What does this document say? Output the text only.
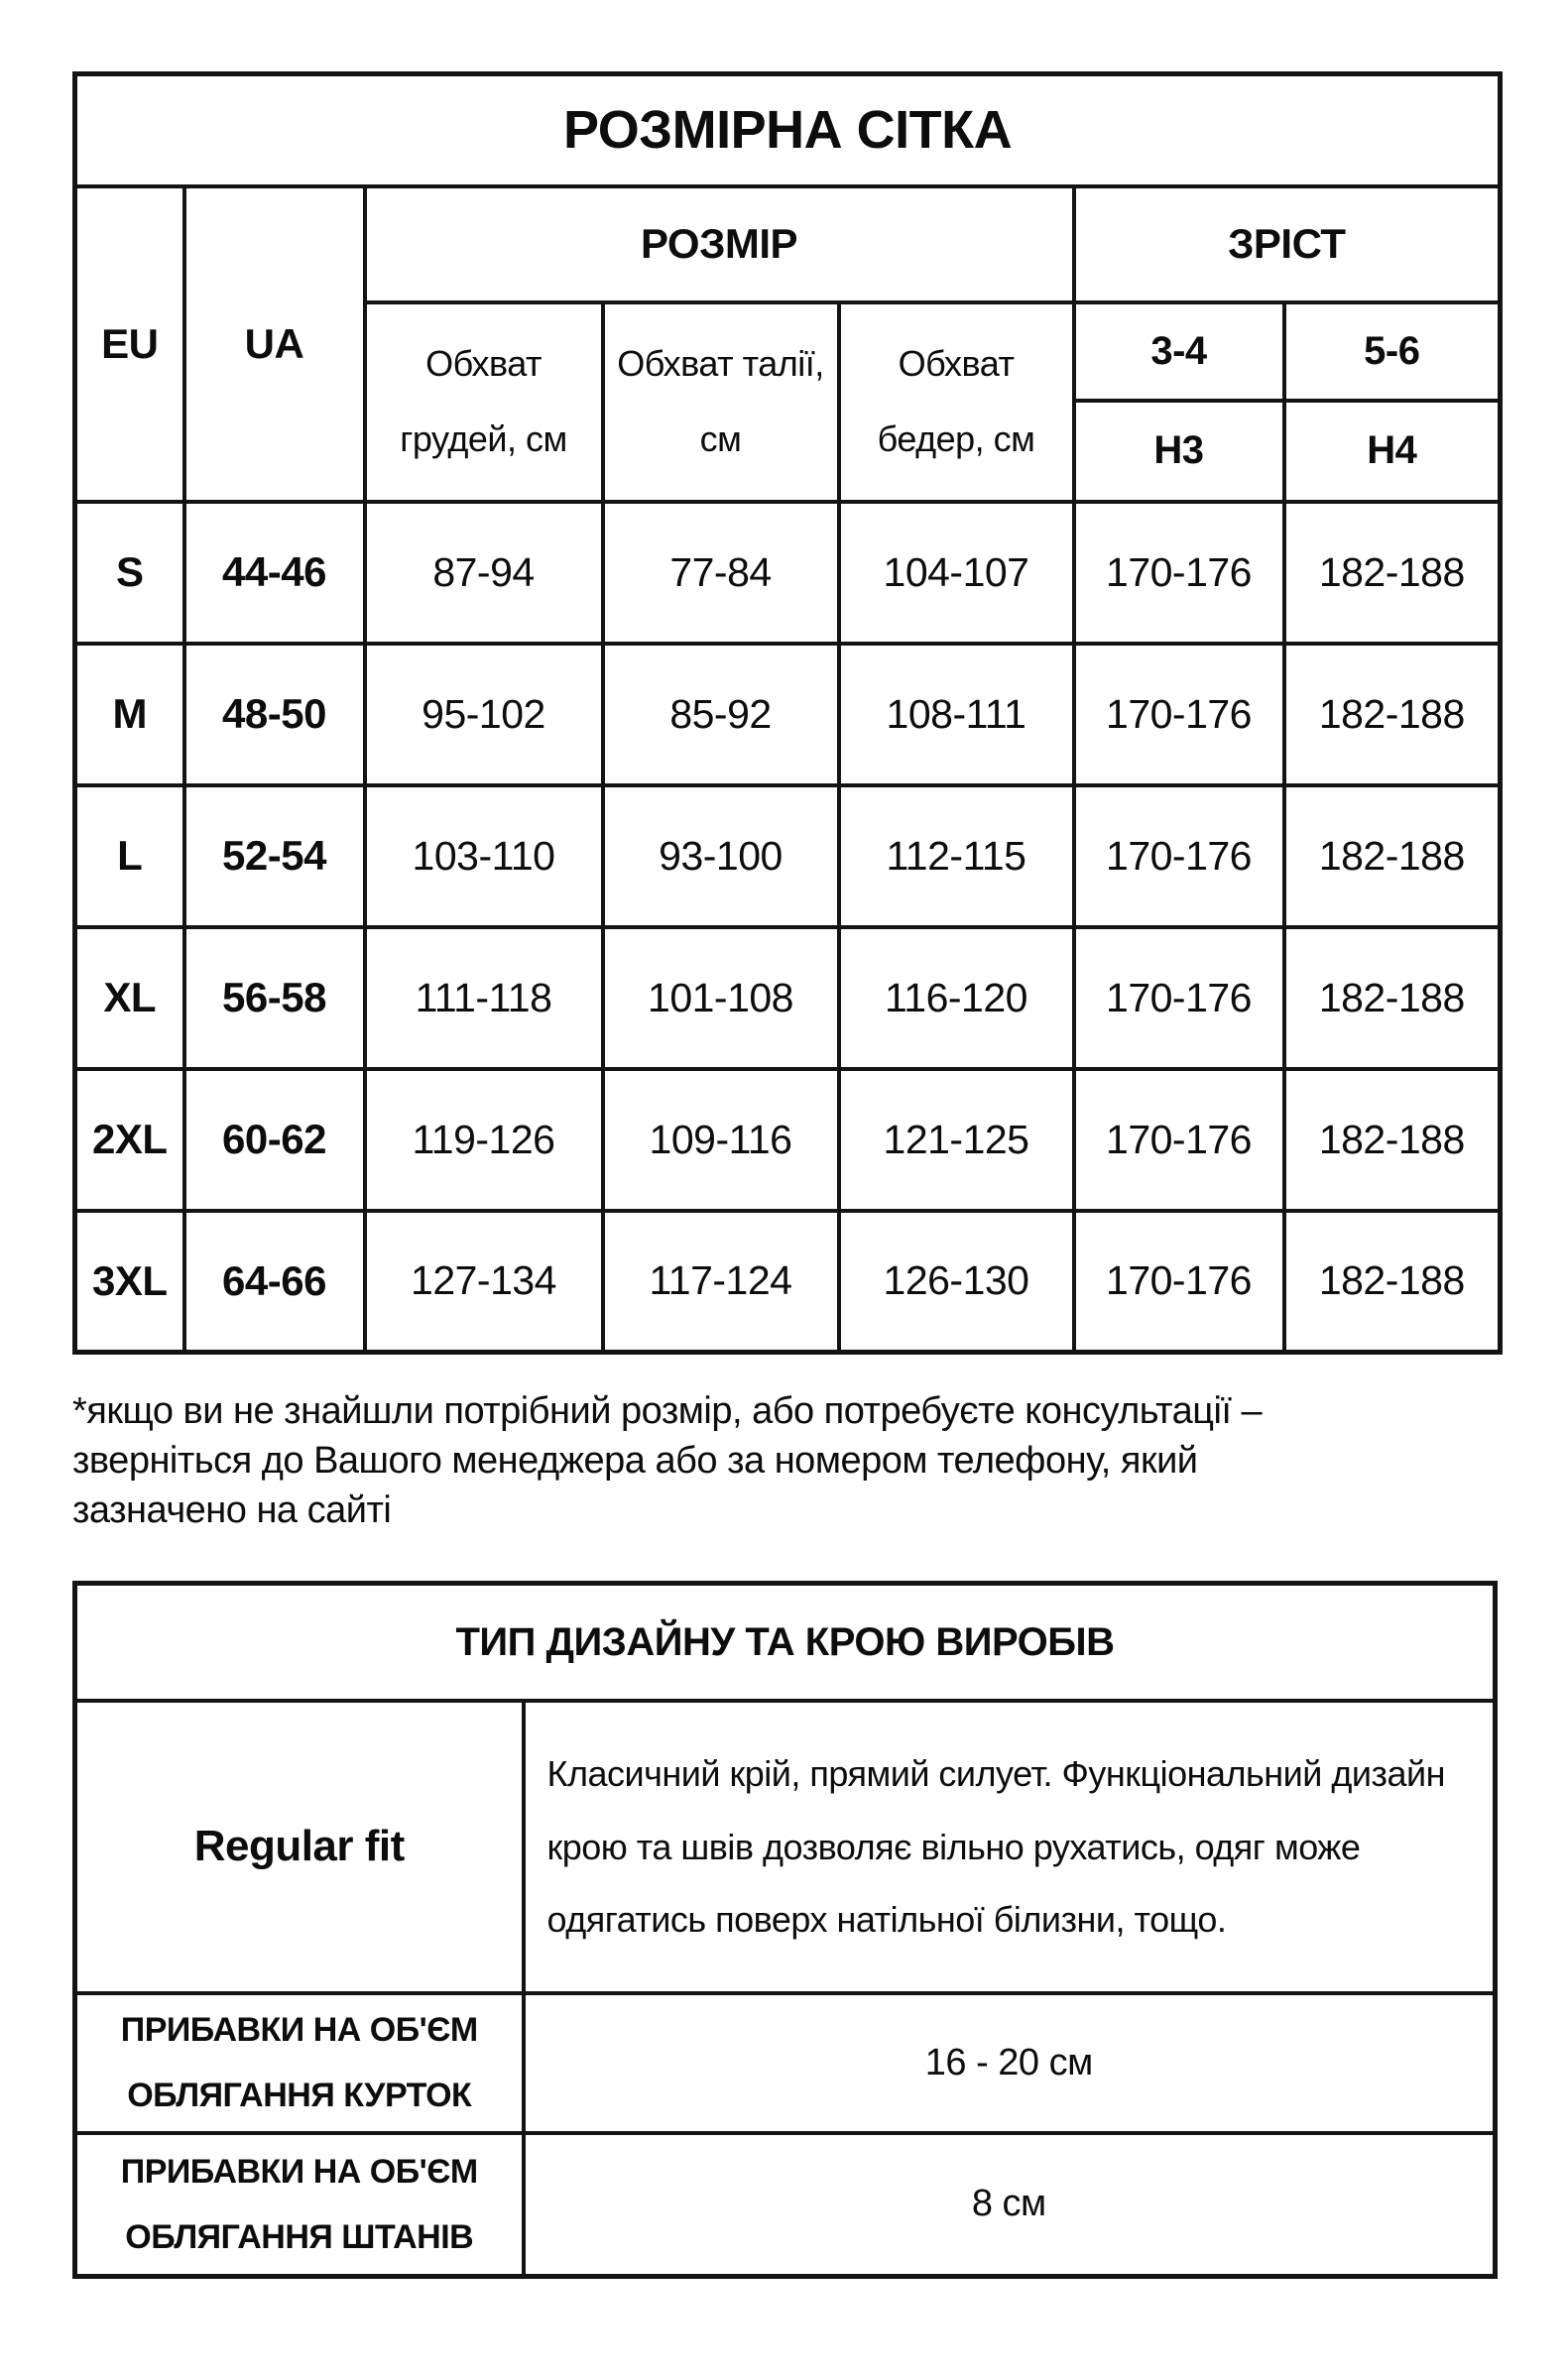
РОЗМІРНА СІТКА						
EU	UA	РОЗМІР			ЗРІСТ	
		Обхват грудей, см	Обхват талії, см	Обхват бедер, см	3-4	5-6
					Н3	Н4
S	44-46	87-94	77-84	104-107	170-176	182-188
M	48-50	95-102	85-92	108-111	170-176	182-188
L	52-54	103-110	93-100	112-115	170-176	182-188
XL	56-58	111-118	101-108	116-120	170-176	182-188
2XL	60-62	119-126	109-116	121-125	170-176	182-188
3XL	64-66	127-134	117-124	126-130	170-176	182-188
*якщо ви не знайшли потрібний розмір, або потребуєте консультації –
зверніться до Вашого менеджера або за номером телефону, який
зазначено на сайті
ТИП ДИЗАЙНУ ТА КРОЮ ВИРОБІВ	
Regular fit	Класичний крій, прямий силует. Функціональний дизайн крою та швів дозволяє вільно рухатись, одяг може одягатись поверх натільної білизни, тощо.
ПРИБАВКИ НА ОБ'ЄМ ОБЛЯГАННЯ КУРТОК	16 - 20 см
ПРИБАВКИ НА ОБ'ЄМ ОБЛЯГАННЯ ШТАНІВ	8 см
